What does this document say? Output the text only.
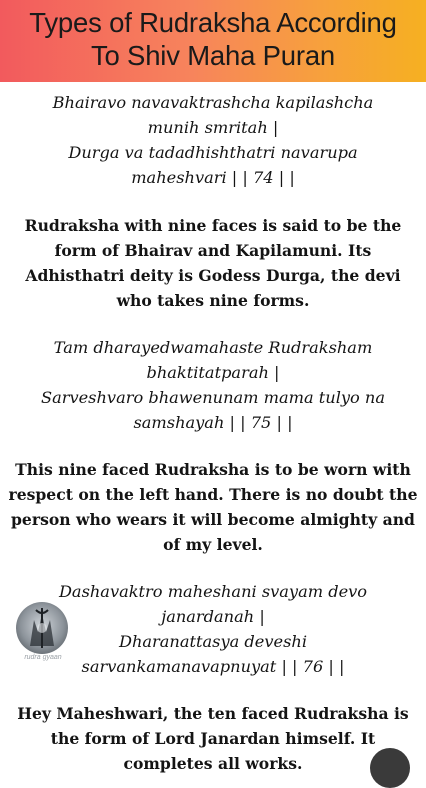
Types of Rudraksha According

To Shiv Maha Puran

Bhairavo navavaktrashcha kapilashcha
munih smritah |
Durga va tadadhishthatri navarupa
maheshvari | | 74 | |
Rudraksha with nine faces is said to be the
form of Bhairav and Kapilamuni. Its
Adhisthatri deity is Godess Durga, the devi
who takes nine forms.
Tam dharayedwamahaste Rudraksham
bhaktitatparah |
Sarveshvaro bhawenunam mama tulyo na
samshayah | | 75 | |
This nine faced Rudraksha is to be worn with
respect on the left hand. There is no doubt the
person who wears it will become almighty and
of my level.
Dashavaktro maheshani svayam devo
janardanah |
Dharanattasya deveshi
sarvankamanavapnuyat | | 76 | |
Hey Maheshwari, the ten faced Rudraksha is
the form of Lord Janardan himself. It
completes all works.
rudra gyaan
